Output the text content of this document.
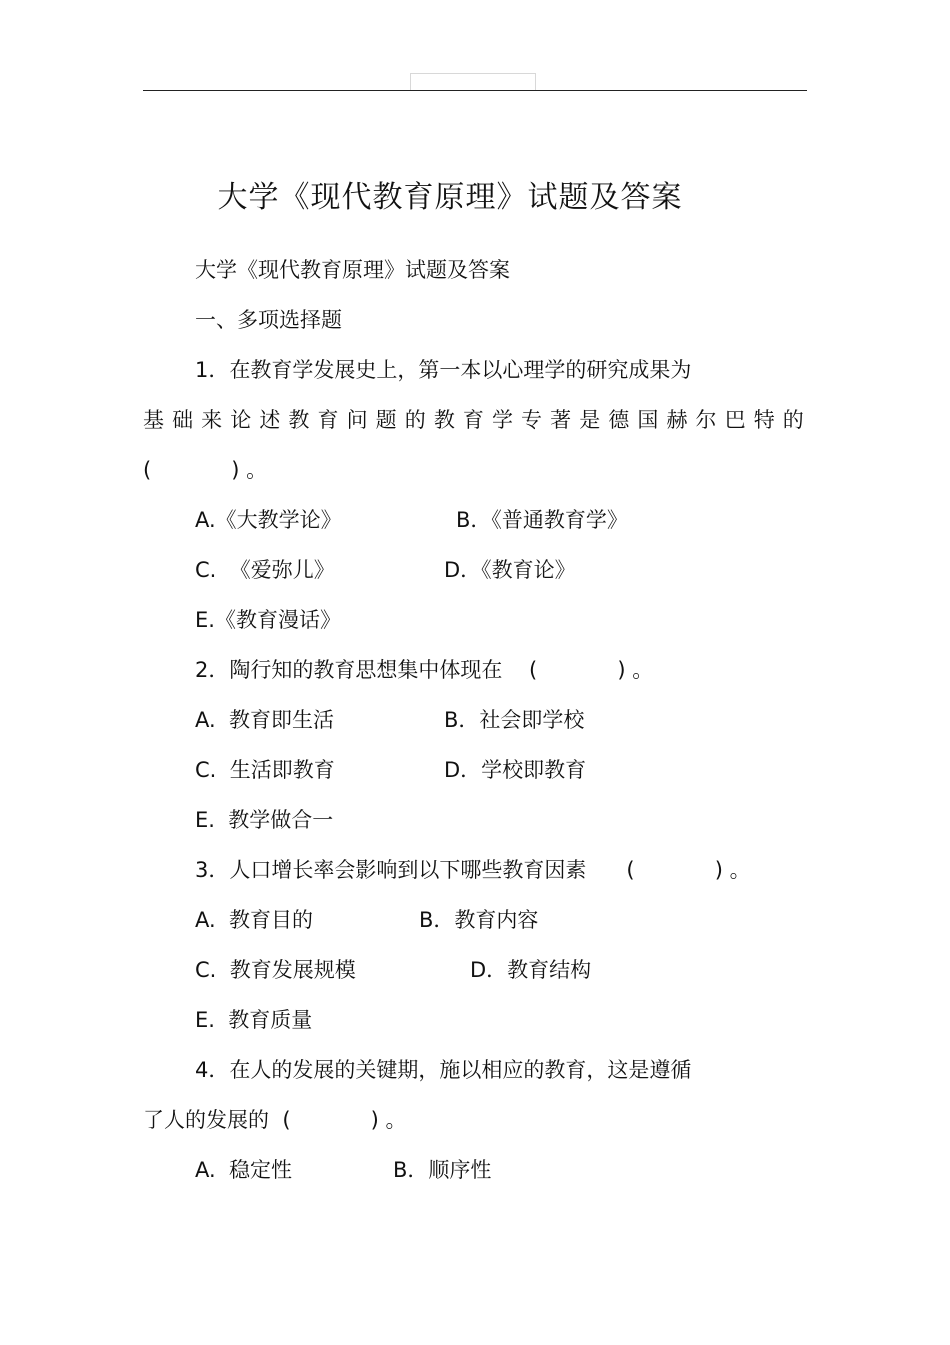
大学《现代教育原理》试题及答案
大学《现代教育原理》试题及答案
一、多项选择题
1．在教育学发展史上，第一本以心理学的研究成果为
基础来论述教育问题的教育学专著是德国赫尔巴特的
(            ) 。
A.《大教学论》	B．《普通教育学》
C.  《爱弥儿》	D．《教育论》
E.《教育漫话》
2．陶行知的教育思想集中体现在    (            ) 。
A.  教育即生活	B．社会即学校
C.  生活即教育	D．学校即教育
E.  教学做合一
3．人口增长率会影响到以下哪些教育因素      (            ) 。
A.  教育目的	B．教育内容
C.  教育发展规模	D．教育结构
E.  教育质量
4．在人的发展的关键期，施以相应的教育，这是遵循
了人的发展的  (            ) 。
A.  稳定性	B．顺序性
